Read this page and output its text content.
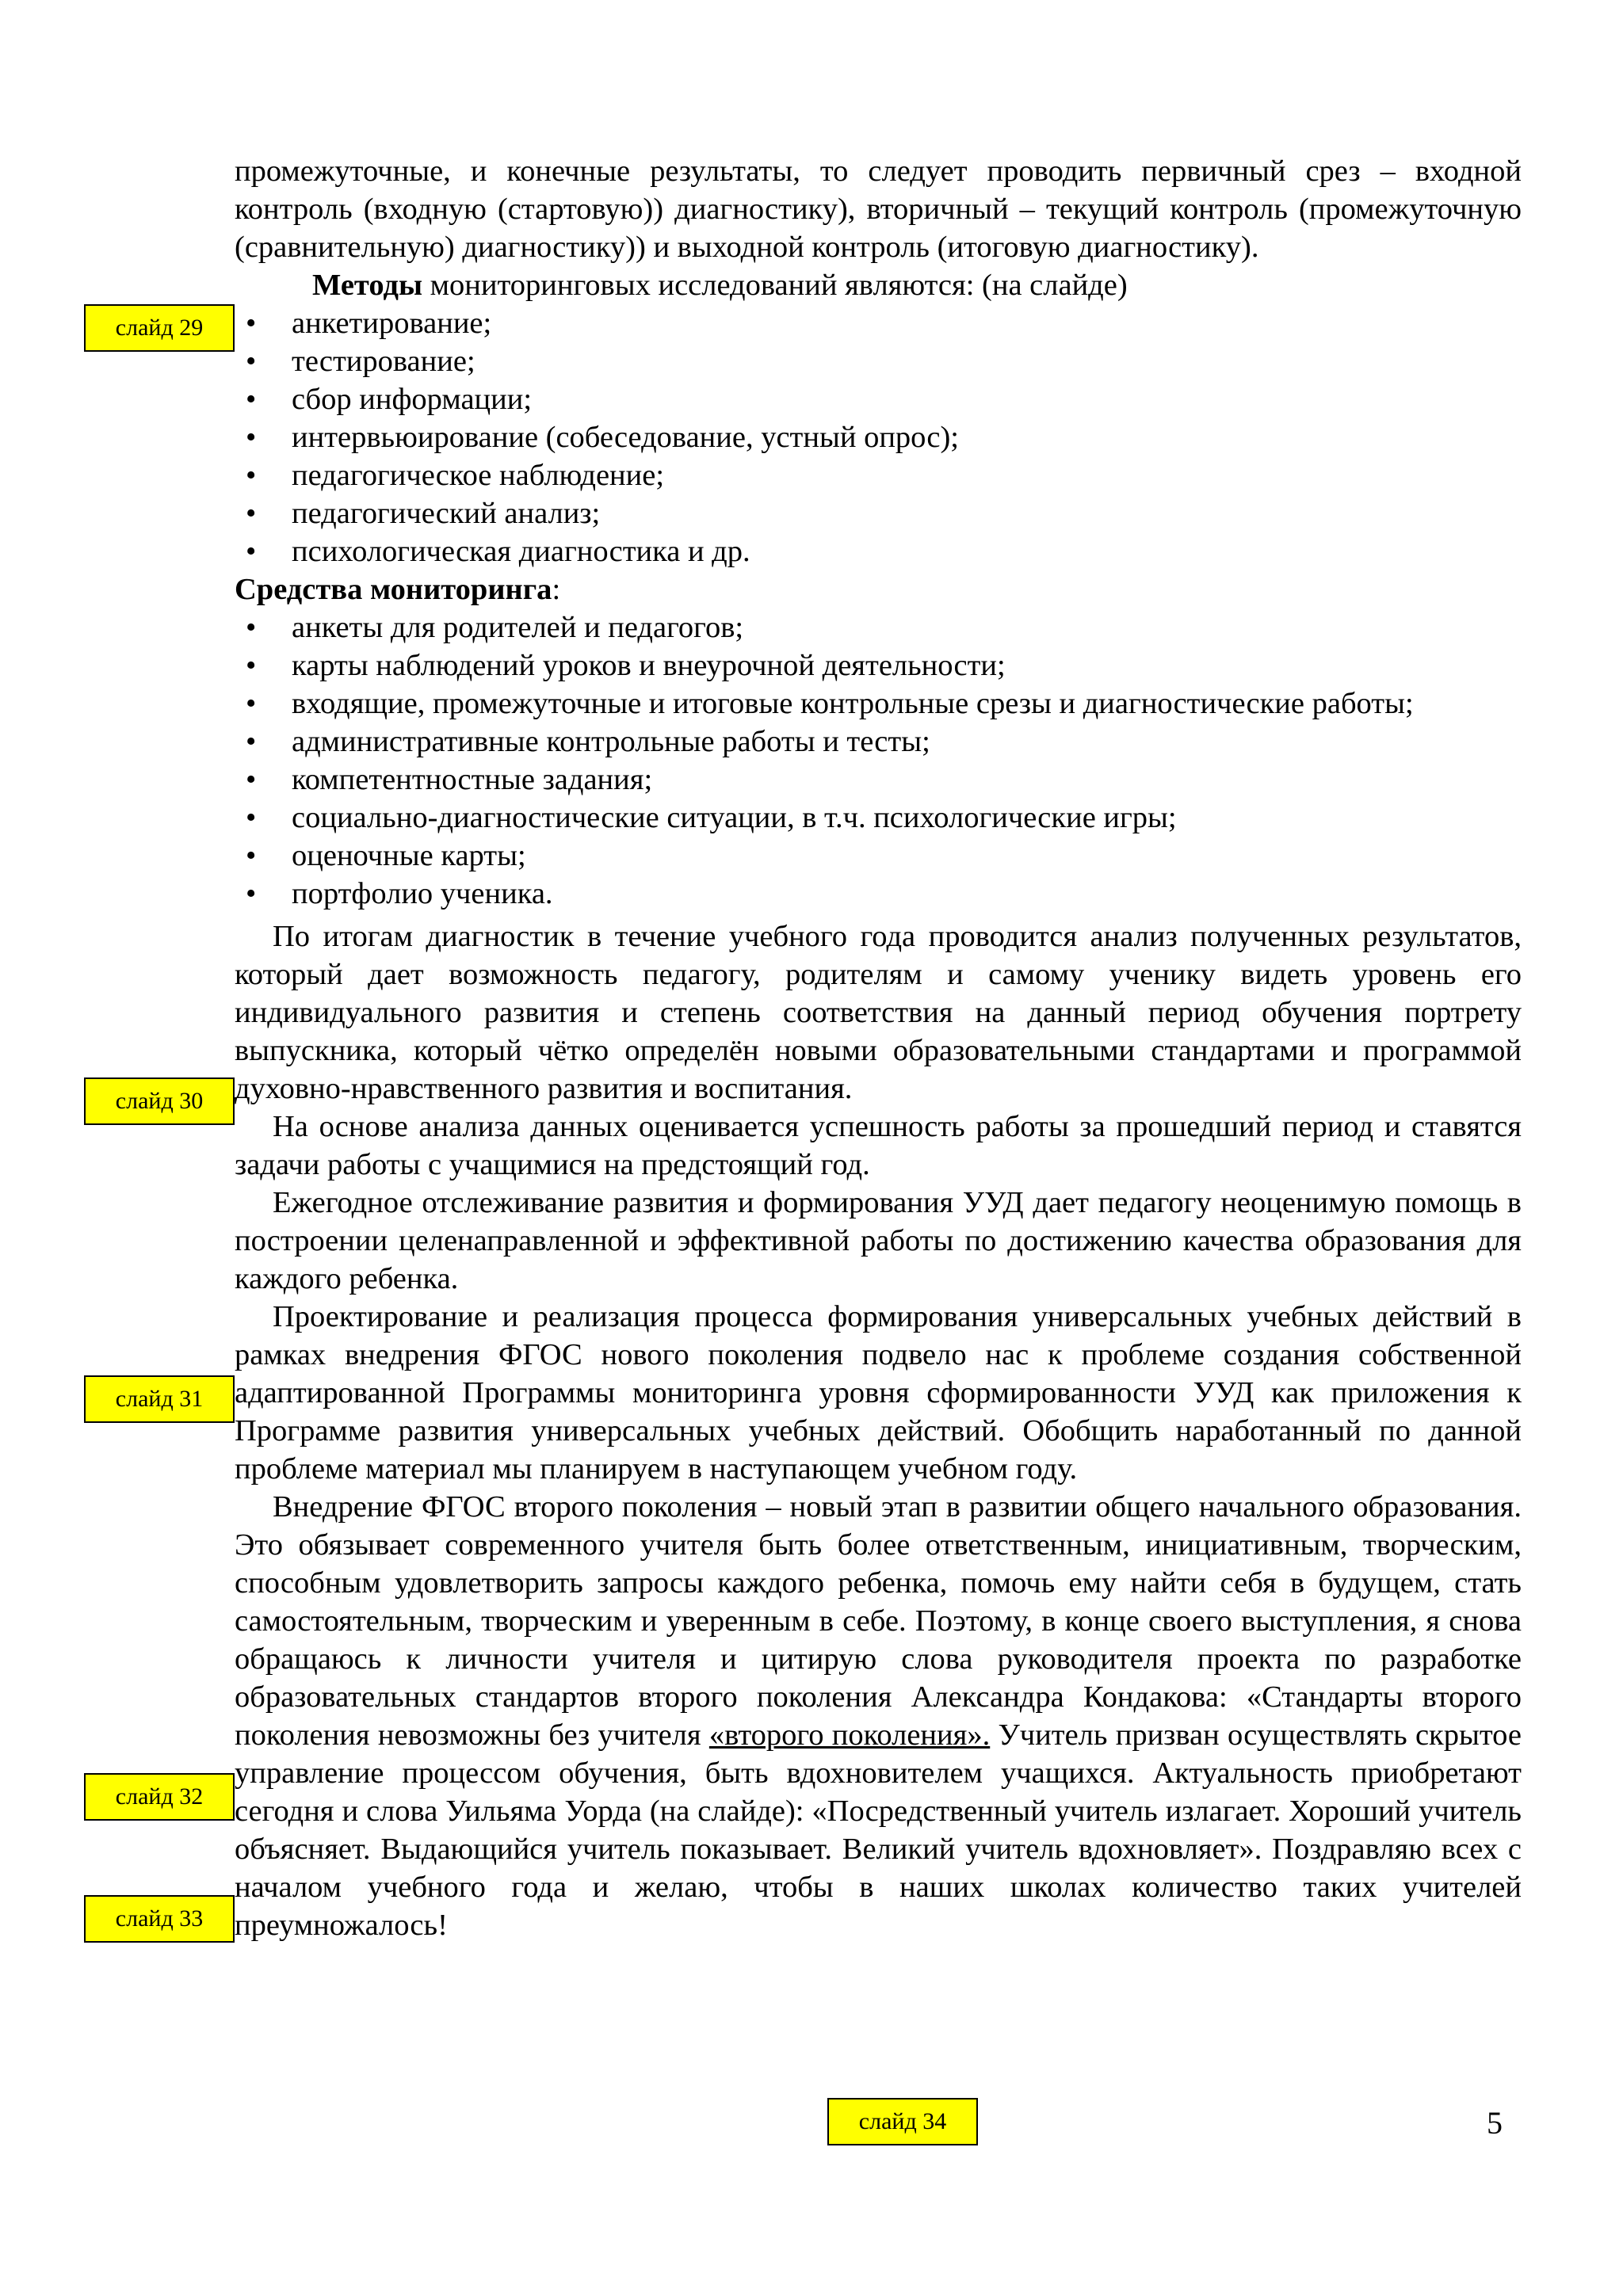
промежуточные, и конечные результаты, то следует проводить первичный срез – входной контроль (входную (стартовую)) диагностику), вторичный – текущий контроль (промежуточную (сравнительную) диагностику)) и выходной контроль (итоговую диагностику).

Методы мониторинговых исследований являются: (на слайде)

• анкетирование;
• тестирование;
• сбор информации;
• интервьюирование (собеседование, устный опрос);
• педагогическое наблюдение;
• педагогический анализ;
• психологическая диагностика и др.

Средства мониторинга:

• анкеты для родителей и педагогов;
• карты наблюдений уроков и внеурочной деятельности;
• входящие, промежуточные и итоговые контрольные срезы и диагностические работы;
• административные контрольные работы и тесты;
• компетентностные задания;
• социально-диагностические ситуации, в т.ч. психологические игры;
• оценочные карты;
• портфолио ученика.

По итогам диагностик в течение учебного года проводится анализ полученных результатов, который дает возможность педагогу, родителям и самому ученику видеть уровень его индивидуального развития и степень соответствия на данный период обучения портрету выпускника, который чётко определён новыми образовательными стандартами и программой духовно-нравственного развития и воспитания.

На основе анализа данных оценивается успешность работы за прошедший период и ставятся задачи работы с учащимися на предстоящий год.

Ежегодное отслеживание развития и формирования УУД дает педагогу неоценимую помощь в построении целенаправленной и эффективной работы по достижению качества образования для каждого ребенка.

Проектирование и реализация процесса формирования универсальных учебных действий в рамках внедрения ФГОС нового поколения подвело нас к проблеме создания собственной адаптированной Программы мониторинга уровня сформированности УУД как приложения к Программе развития универсальных учебных действий. Обобщить наработанный по данной проблеме материал мы планируем в наступающем учебном году.

Внедрение ФГОС второго поколения – новый этап в развитии общего начального образования. Это обязывает современного учителя быть более ответственным, инициативным, творческим, способным удовлетворить запросы каждого ребенка, помочь ему найти себя в будущем, стать самостоятельным, творческим и уверенным в себе. Поэтому, в конце своего выступления, я снова обращаюсь к личности учителя и цитирую слова руководителя проекта по разработке образовательных стандартов второго поколения Александра Кондакова: «Стандарты второго поколения невозможны без учителя «второго поколения». Учитель призван осуществлять скрытое управление процессом обучения, быть вдохновителем учащихся. Актуальность приобретают сегодня и слова Уильяма Уорда (на слайде): «Посредственный учитель излагает. Хороший учитель объясняет. Выдающийся учитель показывает. Великий учитель вдохновляет». Поздравляю всех с началом учебного года и желаю, чтобы в наших школах количество таких учителей преумножалось!

слайд 29
слайд 30
слайд 31
слайд 32
слайд 33
слайд 34	5
